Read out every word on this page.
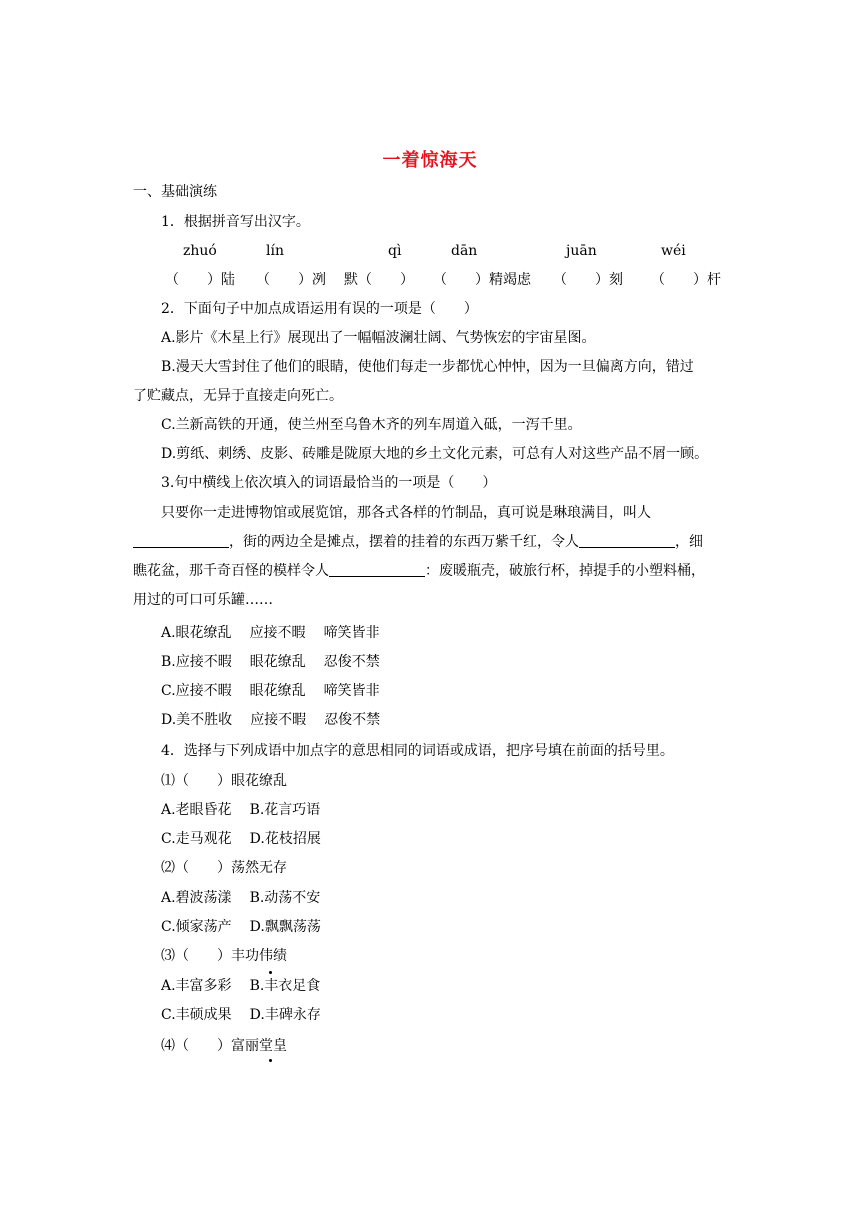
一着惊海天
一、基础演练
1．根据拼音写出汉字。
zhuó	lín	qì	dān	juān	wéi
（　　）陆 （　　）冽 默（　　） （　　）精竭虑 （　　）刻 （　　）杆
2．下面句子中加点成语运用有误的一项是（　　）
A.影片《木星上行》展现出了一幅幅波澜壮阔、气势恢宏的宇宙星图。
B.漫天大雪封住了他们的眼睛，使他们每走一步都忧心忡忡，因为一旦偏离方向，错过
了贮藏点，无异于直接走向死亡。
C.兰新高铁的开通，使兰州至乌鲁木齐的列车周道入砥，一泻千里。
D.剪纸、刺绣、皮影、砖雕是陇原大地的乡土文化元素，可总有人对这些产品不屑一顾。
3.句中横线上依次填入的词语最恰当的一项是（　　）
只要你一走进博物馆或展览馆，那各式各样的竹制品，真可说是琳琅满目，叫人
，街的两边全是摊点，摆着的挂着的东西万紫千红，令人	，细
瞧花盆，那千奇百怪的模样令人	：废暖瓶壳，破旅行杯，掉提手的小塑料桶，
用过的可口可乐罐……
A.眼花缭乱 应接不暇 啼笑皆非
B.应接不暇 眼花缭乱 忍俊不禁
C.应接不暇 眼花缭乱 啼笑皆非
D.美不胜收 应接不暇 忍俊不禁
4．选择与下列成语中加点字的意思相同的词语或成语，把序号填在前面的括号里。
⑴（　　）眼花缭乱
A.老眼昏花 B.花言巧语
C.走马观花 D.花枝招展
⑵（　　）荡然无存
A.碧波荡漾 B.动荡不安
C.倾家荡产 D.飘飘荡荡
⑶（　　）丰功伟绩
A.丰富多彩 B.丰衣足食
C.丰硕成果 D.丰碑永存
⑷（　　）富丽堂皇
